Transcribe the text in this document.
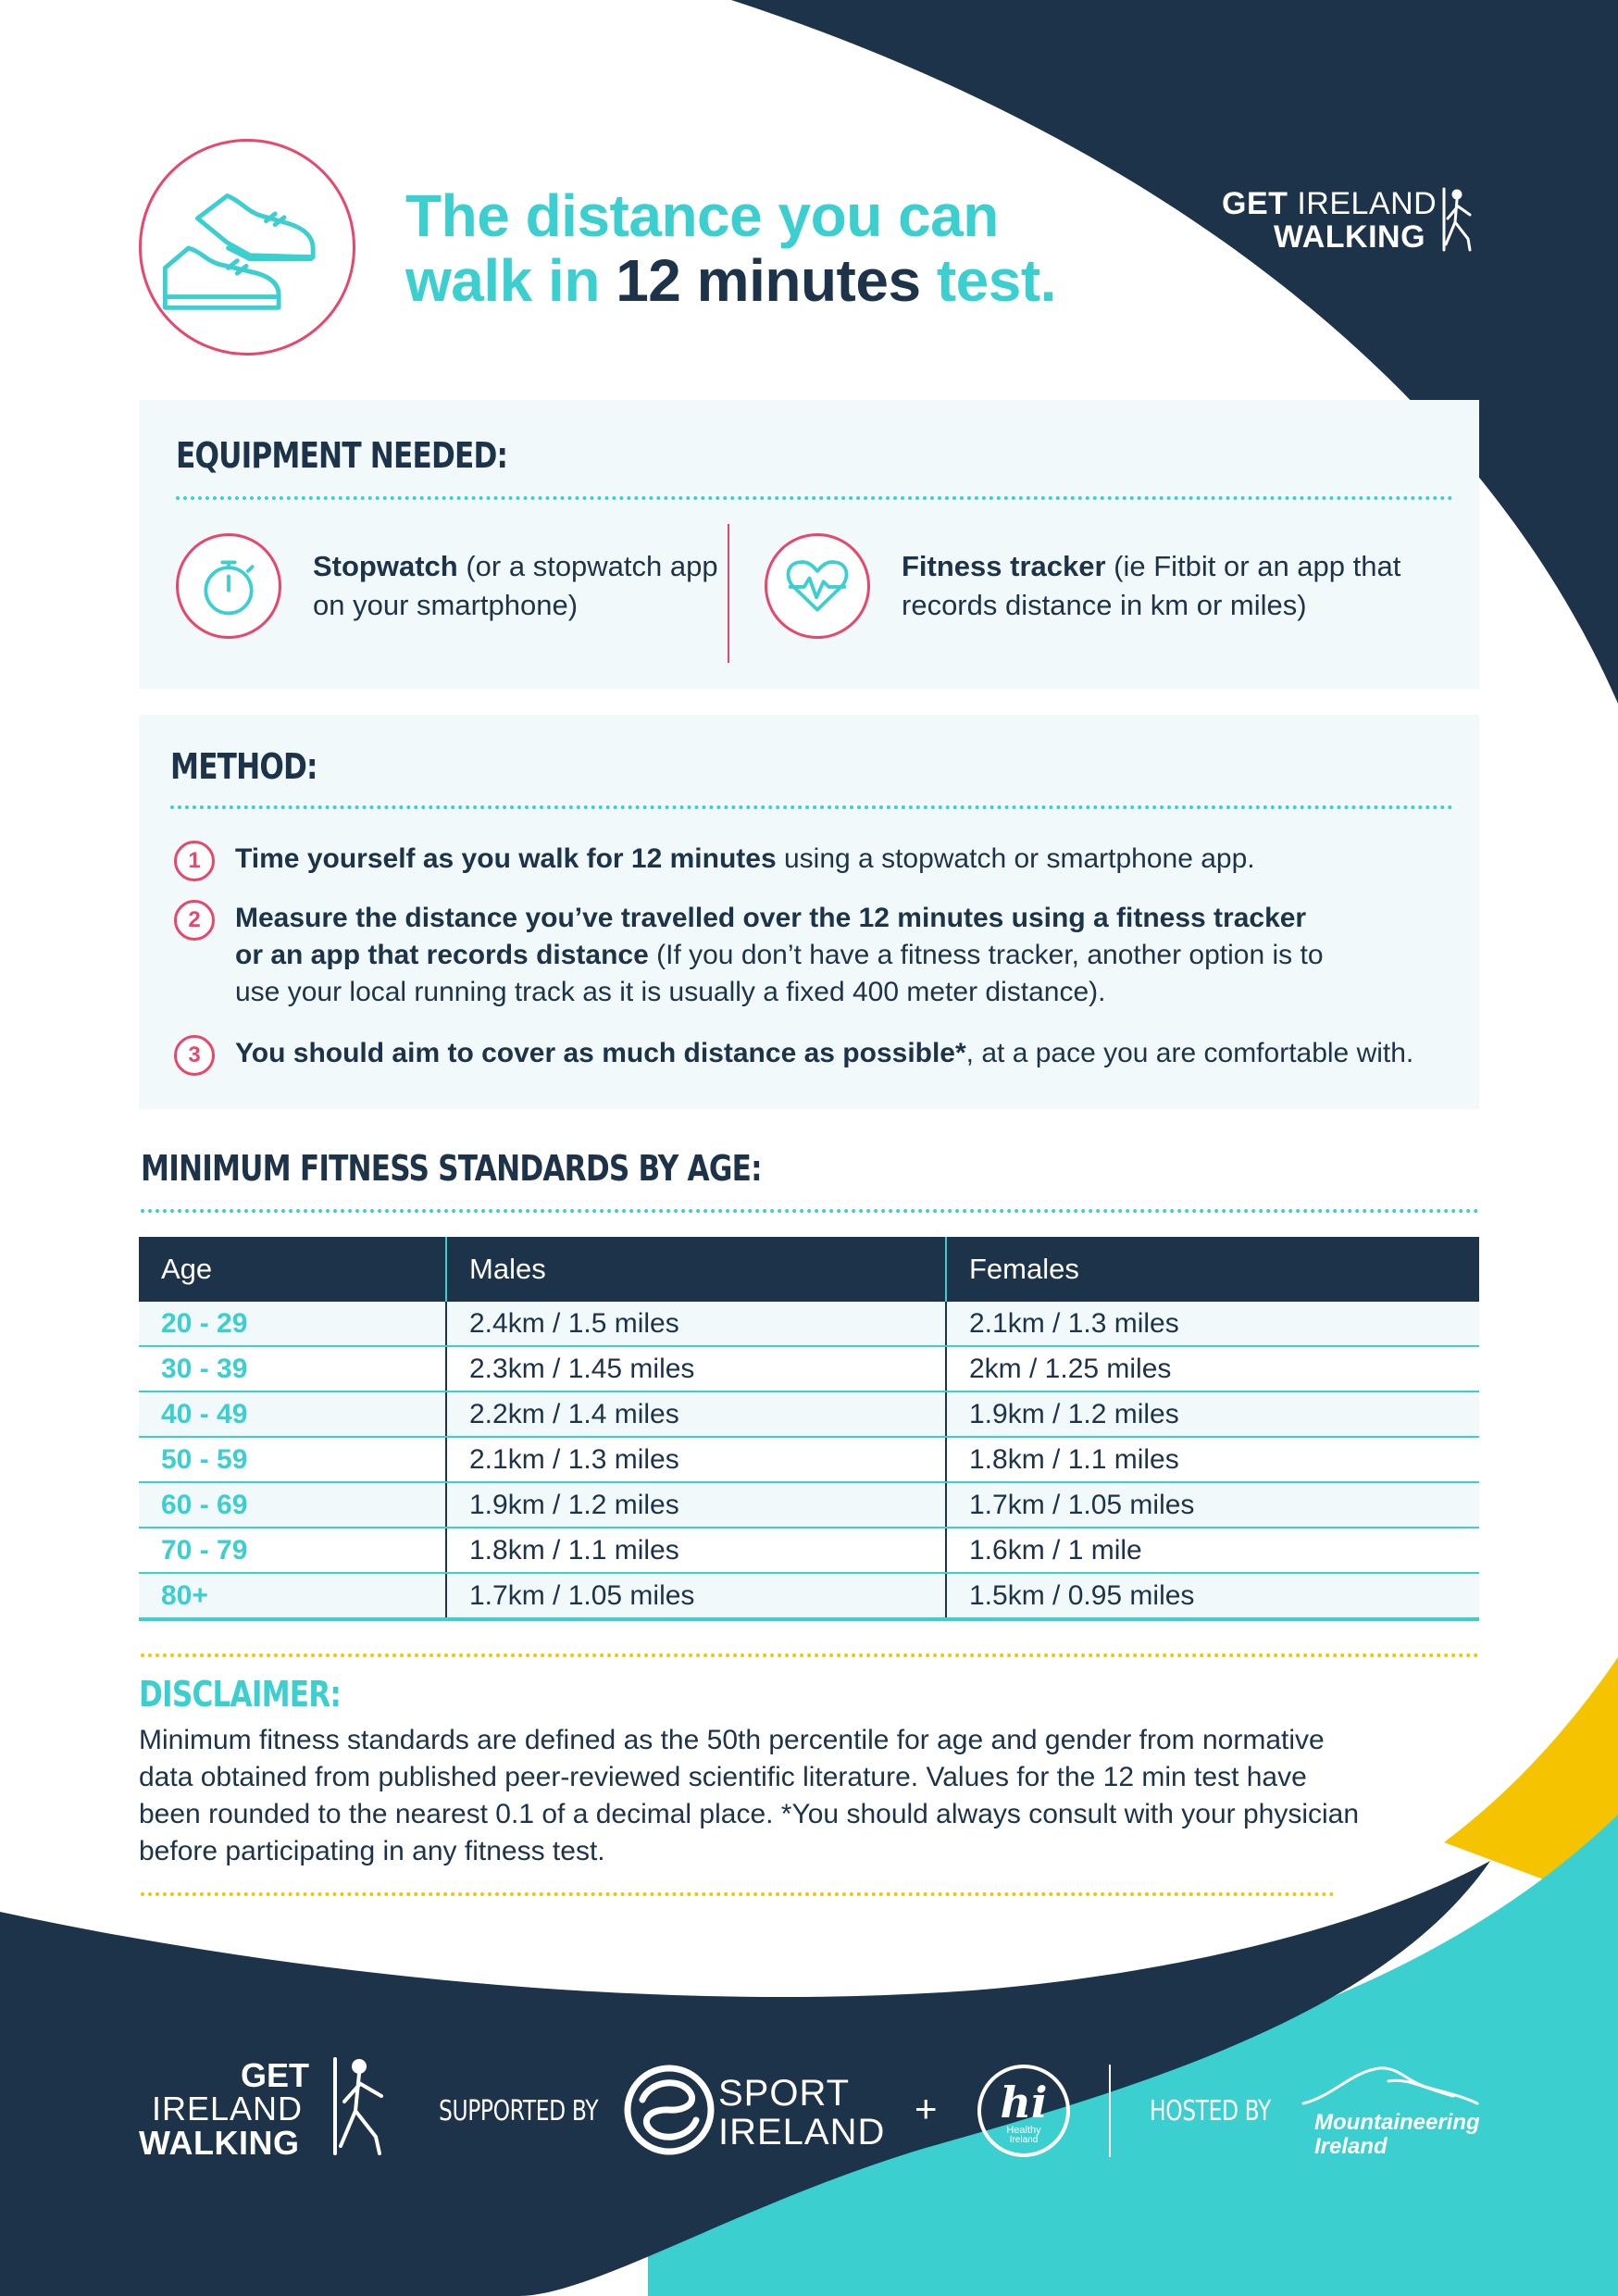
The distance you can
walk in 12 minutes test.
GET IRELAND
WALKING
EQUIPMENT NEEDED:
Stopwatch (or a stopwatch app
on your smartphone)
Fitness tracker (ie Fitbit or an app that
records distance in km or miles)
METHOD:
1	Time yourself as you walk for 12 minutes using a stopwatch or smartphone app.
2	Measure the distance you’ve travelled over the 12 minutes using a fitness tracker
or an app that records distance (If you don’t have a fitness tracker, another option is to
use your local running track as it is usually a fixed 400 meter distance).
3	You should aim to cover as much distance as possible*, at a pace you are comfortable with.
MINIMUM FITNESS STANDARDS BY AGE:
Age	Males	Females
20 - 29	2.4km / 1.5 miles	2.1km / 1.3 miles
30 - 39	2.3km / 1.45 miles	2km / 1.25 miles
40 - 49	2.2km / 1.4 miles	1.9km / 1.2 miles
50 - 59	2.1km / 1.3 miles	1.8km / 1.1 miles
60 - 69	1.9km / 1.2 miles	1.7km / 1.05 miles
70 - 79	1.8km / 1.1 miles	1.6km / 1 mile
80+	1.7km / 1.05 miles	1.5km / 0.95 miles
DISCLAIMER:
Minimum fitness standards are defined as the 50th percentile for age and gender from normative
data obtained from published peer-reviewed scientific literature. Values for the 12 min test have
been rounded to the nearest 0.1 of a decimal place. *You should always consult with your physician
before participating in any fitness test.
GET
IRELAND
WALKING
SUPPORTED BY	SPORT
IRELAND
+	hi
Healthy
Ireland
HOSTED BY Mountaineering
Ireland
